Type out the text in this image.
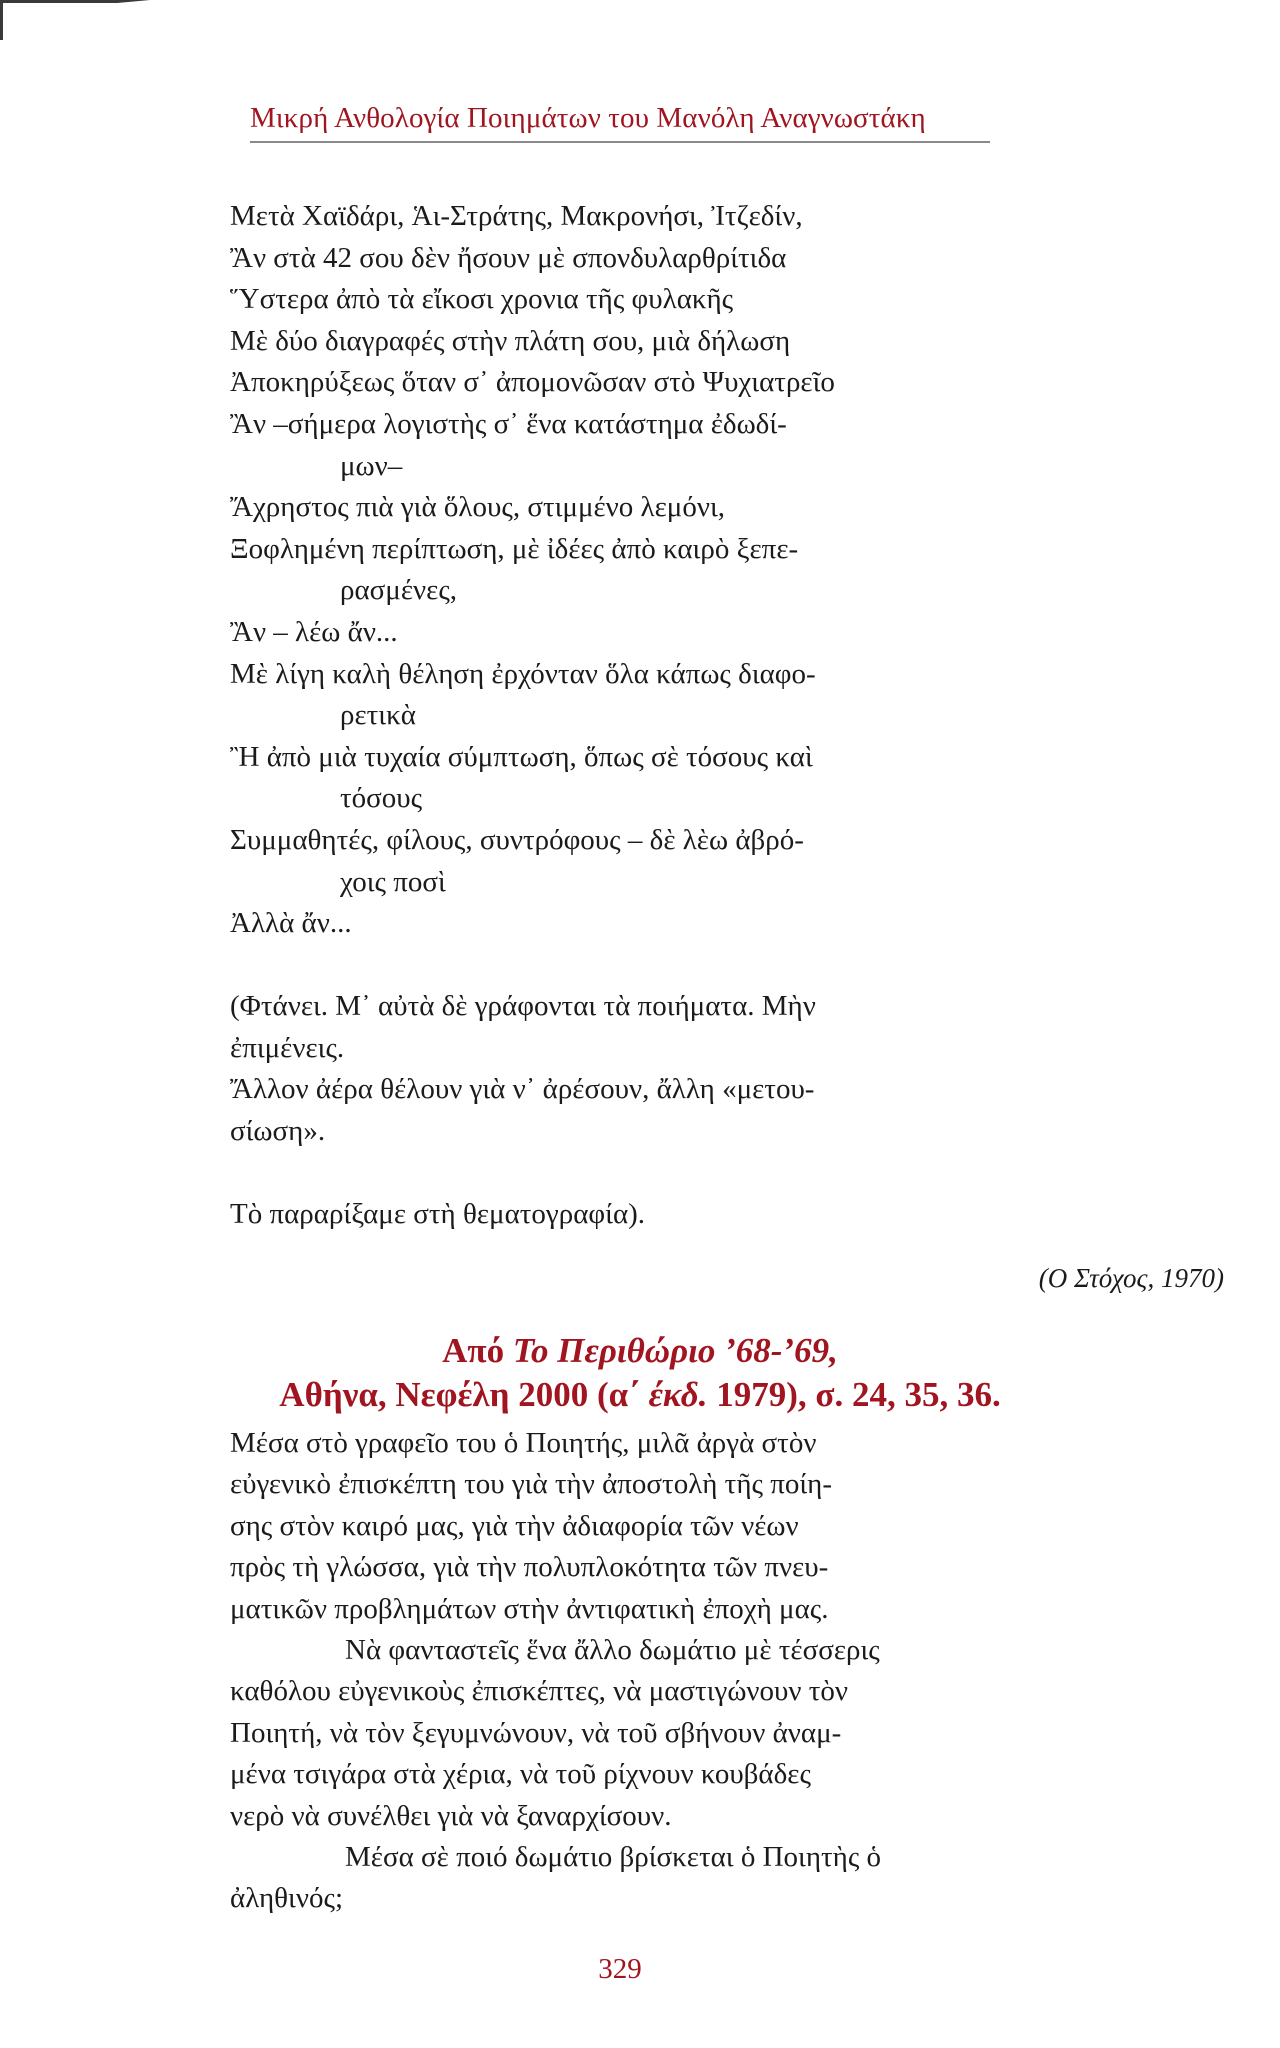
Μικρή Ανθολογία Ποιημάτων του Μανόλη Αναγνωστάκη
Μετὰ Χαϊδάρι, Ἁι-Στράτης, Μακρονήσι, Ἰτζεδίν,
Ἂν στὰ 42 σου δὲν ἤσουν μὲ σπονδυλαρθρίτιδα
Ὕστερα ἀπὸ τὰ εἴκοσι χρονια τῆς φυλακῆς
Μὲ δύο διαγραφές στὴν πλάτη σου, μιὰ δήλωση
Ἀποκηρύξεως ὅταν σ᾿ ἀπομονῶσαν στὸ Ψυχιατρεῖο
Ἂν –σήμερα λογιστὴς σ᾿ ἕνα κατάστημα ἐδωδί-
μων–
Ἄχρηστος πιὰ γιὰ ὅλους, στιμμένο λεμόνι,
Ξοφλημένη περίπτωση, μὲ ἰδέες ἀπὸ καιρὸ ξεπε-
ρασμένες,
Ἂν – λέω ἄν...
Μὲ λίγη καλὴ θέληση ἐρχόνταν ὅλα κάπως διαφο-
ρετικὰ
Ἢ ἀπὸ μιὰ τυχαία σύμπτωση, ὅπως σὲ τόσους καὶ
τόσους
Συμμαθητές, φίλους, συντρόφους – δὲ λὲω ἀβρό-
χοις ποσὶ
Ἀλλὰ ἄν...
(Φτάνει. Μ᾿ αὐτὰ δὲ γράφονται τὰ ποιήματα. Μὴν
ἐπιμένεις.
Ἄλλον ἀέρα θέλουν γιὰ ν᾿ ἀρέσουν, ἄλλη «μετου-
σίωση».
Τὸ παραρίξαμε στὴ θεματογραφία).
(Ο Στόχος, 1970)
Από Το Περιθώριο ’68-’69,
Αθήνα, Νεφέλη 2000 (α΄ έκδ. 1979), σ. 24, 35, 36.
Μέσα στὸ γραφεῖο του ὁ Ποιητής, μιλᾶ ἀργὰ στὸν
εὐγενικὸ ἐπισκέπτη του γιὰ τὴν ἀποστολὴ τῆς ποίη-
σης στὸν καιρό μας, γιὰ τὴν ἀδιαφορία τῶν νέων
πρὸς τὴ γλώσσα, γιὰ τὴν πολυπλοκότητα τῶν πνευ-
ματικῶν προβλημάτων στὴν ἀντιφατικὴ ἐποχὴ μας.
Νὰ φανταστεῖς ἕνα ἄλλο δωμάτιο μὲ τέσσερις
καθόλου εὐγενικοὺς ἐπισκέπτες, νὰ μαστιγώνουν τὸν
Ποιητή, νὰ τὸν ξεγυμνώνουν, νὰ τοῦ σβήνουν ἀναμ-
μένα τσιγάρα στὰ χέρια, νὰ τοῦ ρίχνουν κουβάδες
νερὸ νὰ συνέλθει γιὰ νὰ ξαναρχίσουν.
Μέσα σὲ ποιό δωμάτιο βρίσκεται ὁ Ποιητὴς ὁ
ἀληθινός;
329
